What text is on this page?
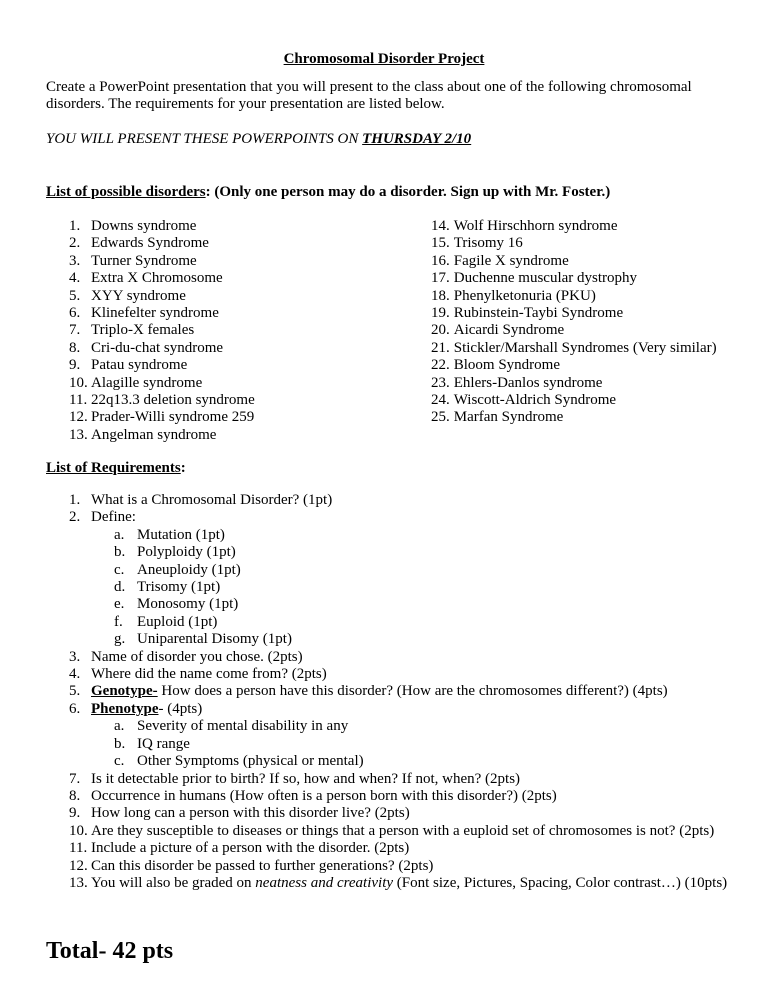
Chromosomal Disorder Project
Create a PowerPoint presentation that you will present to the class about one of the following chromosomal disorders. The requirements for your presentation are listed below.
YOU WILL PRESENT THESE POWERPOINTS ON THURSDAY 2/10
List of possible disorders: (Only one person may do a disorder. Sign up with Mr. Foster.)
1. Downs syndrome
2. Edwards Syndrome
3. Turner Syndrome
4. Extra X Chromosome
5. XYY syndrome
6. Klinefelter syndrome
7. Triplo-X females
8. Cri-du-chat syndrome
9. Patau syndrome
10. Alagille syndrome
11. 22q13.3 deletion syndrome
12. Prader-Willi syndrome 259
13. Angelman syndrome
14. Wolf Hirschhorn syndrome
15. Trisomy 16
16. Fagile X syndrome
17. Duchenne muscular dystrophy
18. Phenylketonuria (PKU)
19. Rubinstein-Taybi Syndrome
20. Aicardi Syndrome
21. Stickler/Marshall Syndromes (Very similar)
22. Bloom Syndrome
23. Ehlers-Danlos syndrome
24. Wiscott-Aldrich Syndrome
25. Marfan Syndrome
List of Requirements:
1. What is a Chromosomal Disorder? (1pt)
2. Define:
a. Mutation (1pt)
b. Polyploidy (1pt)
c. Aneuploidy (1pt)
d. Trisomy (1pt)
e. Monosomy (1pt)
f. Euploid (1pt)
g. Uniparental Disomy (1pt)
3. Name of disorder you chose. (2pts)
4. Where did the name come from? (2pts)
5. Genotype- How does a person have this disorder? (How are the chromosomes different?) (4pts)
6. Phenotype- (4pts)
a. Severity of mental disability in any
b. IQ range
c. Other Symptoms (physical or mental)
7. Is it detectable prior to birth? If so, how and when? If not, when? (2pts)
8. Occurrence in humans (How often is a person born with this disorder?) (2pts)
9. How long can a person with this disorder live? (2pts)
10. Are they susceptible to diseases or things that a person with a euploid set of chromosomes is not? (2pts)
11. Include a picture of a person with the disorder. (2pts)
12. Can this disorder be passed to further generations? (2pts)
13. You will also be graded on neatness and creativity (Font size, Pictures, Spacing, Color contrast…) (10pts)
Total- 42 pts
